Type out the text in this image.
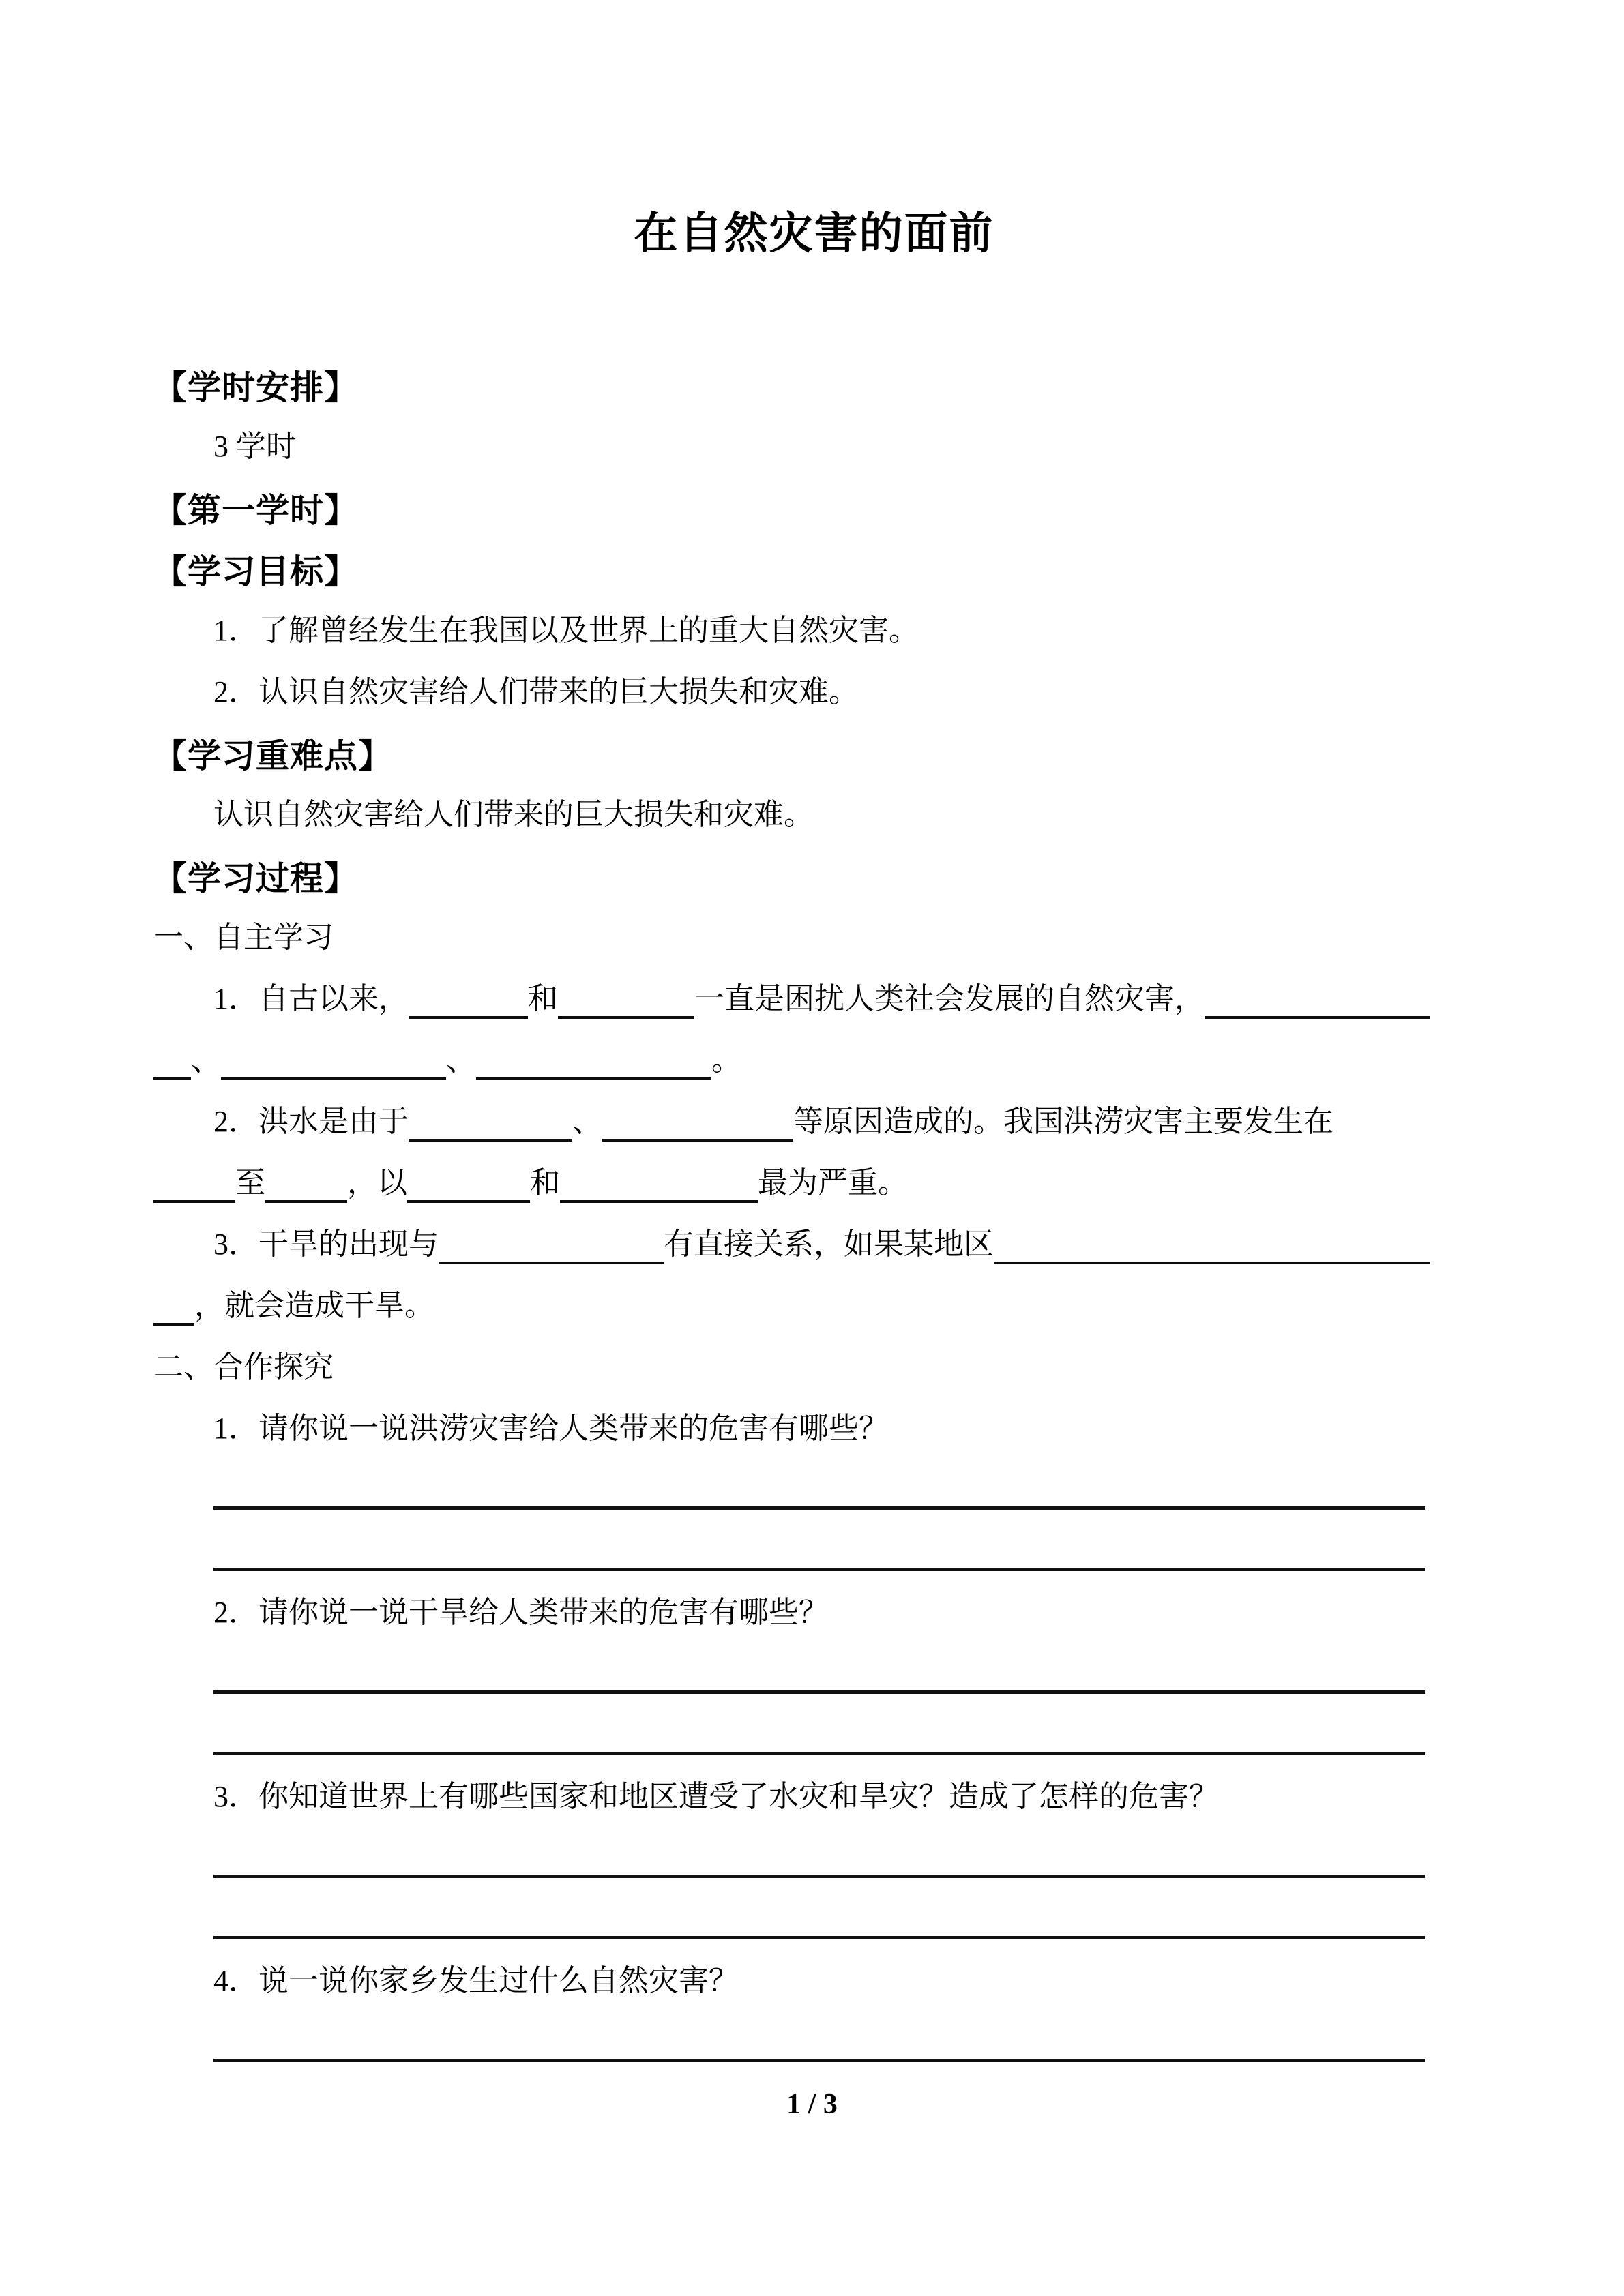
在自然灾害的面前
【学时安排】
3 学时
【第一学时】
【学习目标】
1．了解曾经发生在我国以及世界上的重大自然灾害。
2．认识自然灾害给人们带来的巨大损失和灾难。
【学习重难点】
认识自然灾害给人们带来的巨大损失和灾难。
【学习过程】
一、自主学习
1．自古以来，	和	一直是困扰人类社会发展的自然灾害，
、	、	。
2．洪水是由于	、	等原因造成的。我国洪涝灾害主要发生在
至	，以	和	最为严重。
3．干旱的出现与	有直接关系，如果某地区
，就会造成干旱。
二、合作探究
1．请你说一说洪涝灾害给人类带来的危害有哪些？
2．请你说一说干旱给人类带来的危害有哪些？
3．你知道世界上有哪些国家和地区遭受了水灾和旱灾？造成了怎样的危害？
4．说一说你家乡发生过什么自然灾害？
1 / 3
